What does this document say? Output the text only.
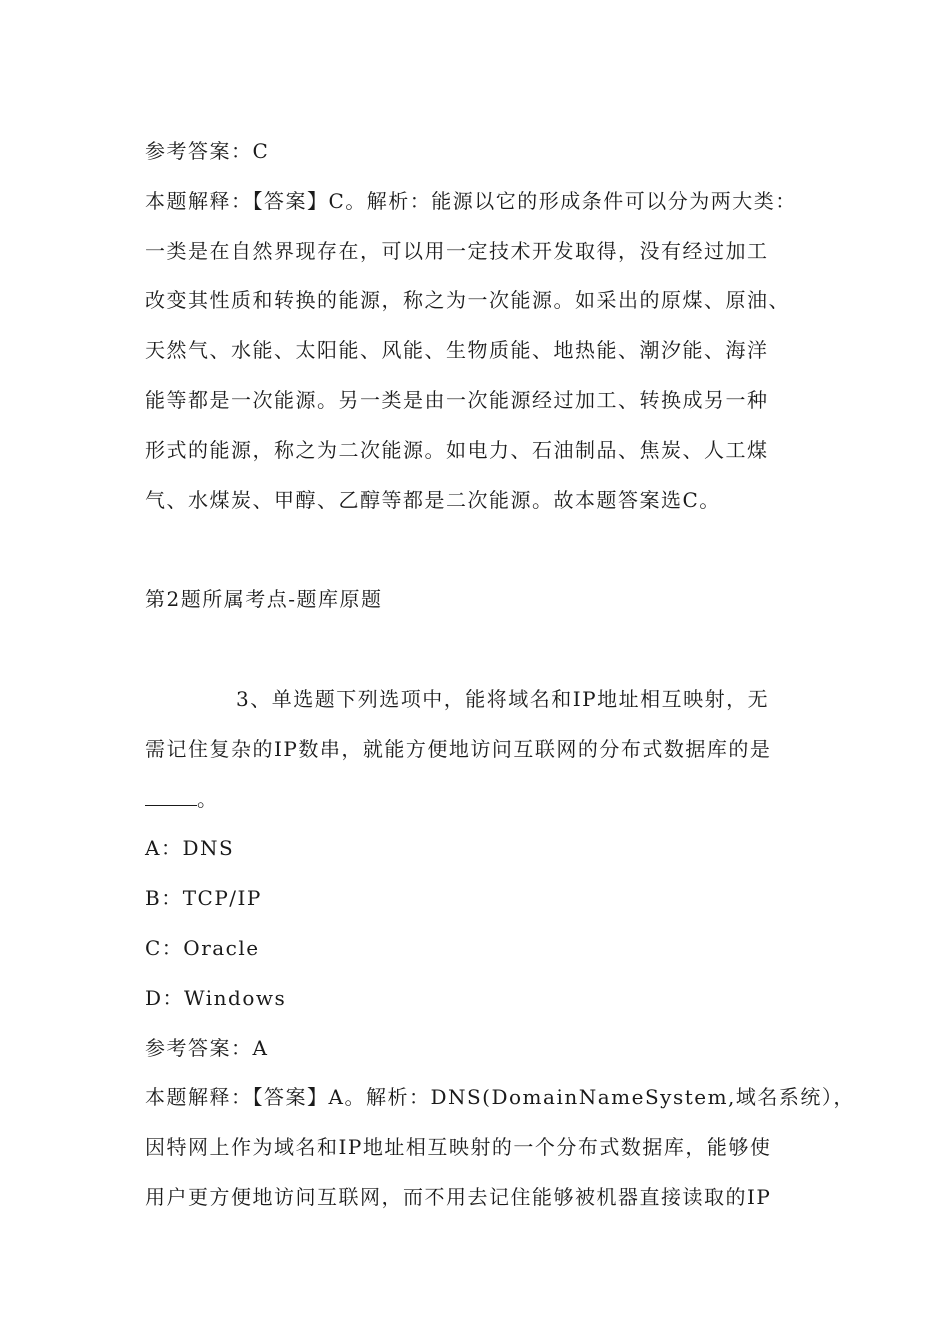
参考答案：C
本题解释：【答案】C。解析：能源以它的形成条件可以分为两大类：
一类是在自然界现存在，可以用一定技术开发取得，没有经过加工
改变其性质和转换的能源，称之为一次能源。如采出的原煤、原油、
天然气、水能、太阳能、风能、生物质能、地热能、潮汐能、海洋
能等都是一次能源。另一类是由一次能源经过加工、转换成另一种
形式的能源，称之为二次能源。如电力、石油制品、焦炭、人工煤
气、水煤炭、甲醇、乙醇等都是二次能源。故本题答案选C。
第2题所属考点-题库原题
3、单选题下列选项中，能将域名和IP地址相互映射，无
需记住复杂的IP数串，就能方便地访问互联网的分布式数据库的是
。
A：DNS
B：TCP/IP
C：Oracle
D：Windows
参考答案：A
本题解释：【答案】A。解析：DNS(DomainNameSystem,域名系统），
因特网上作为域名和IP地址相互映射的一个分布式数据库，能够使
用户更方便地访问互联网，而不用去记住能够被机器直接读取的IP
